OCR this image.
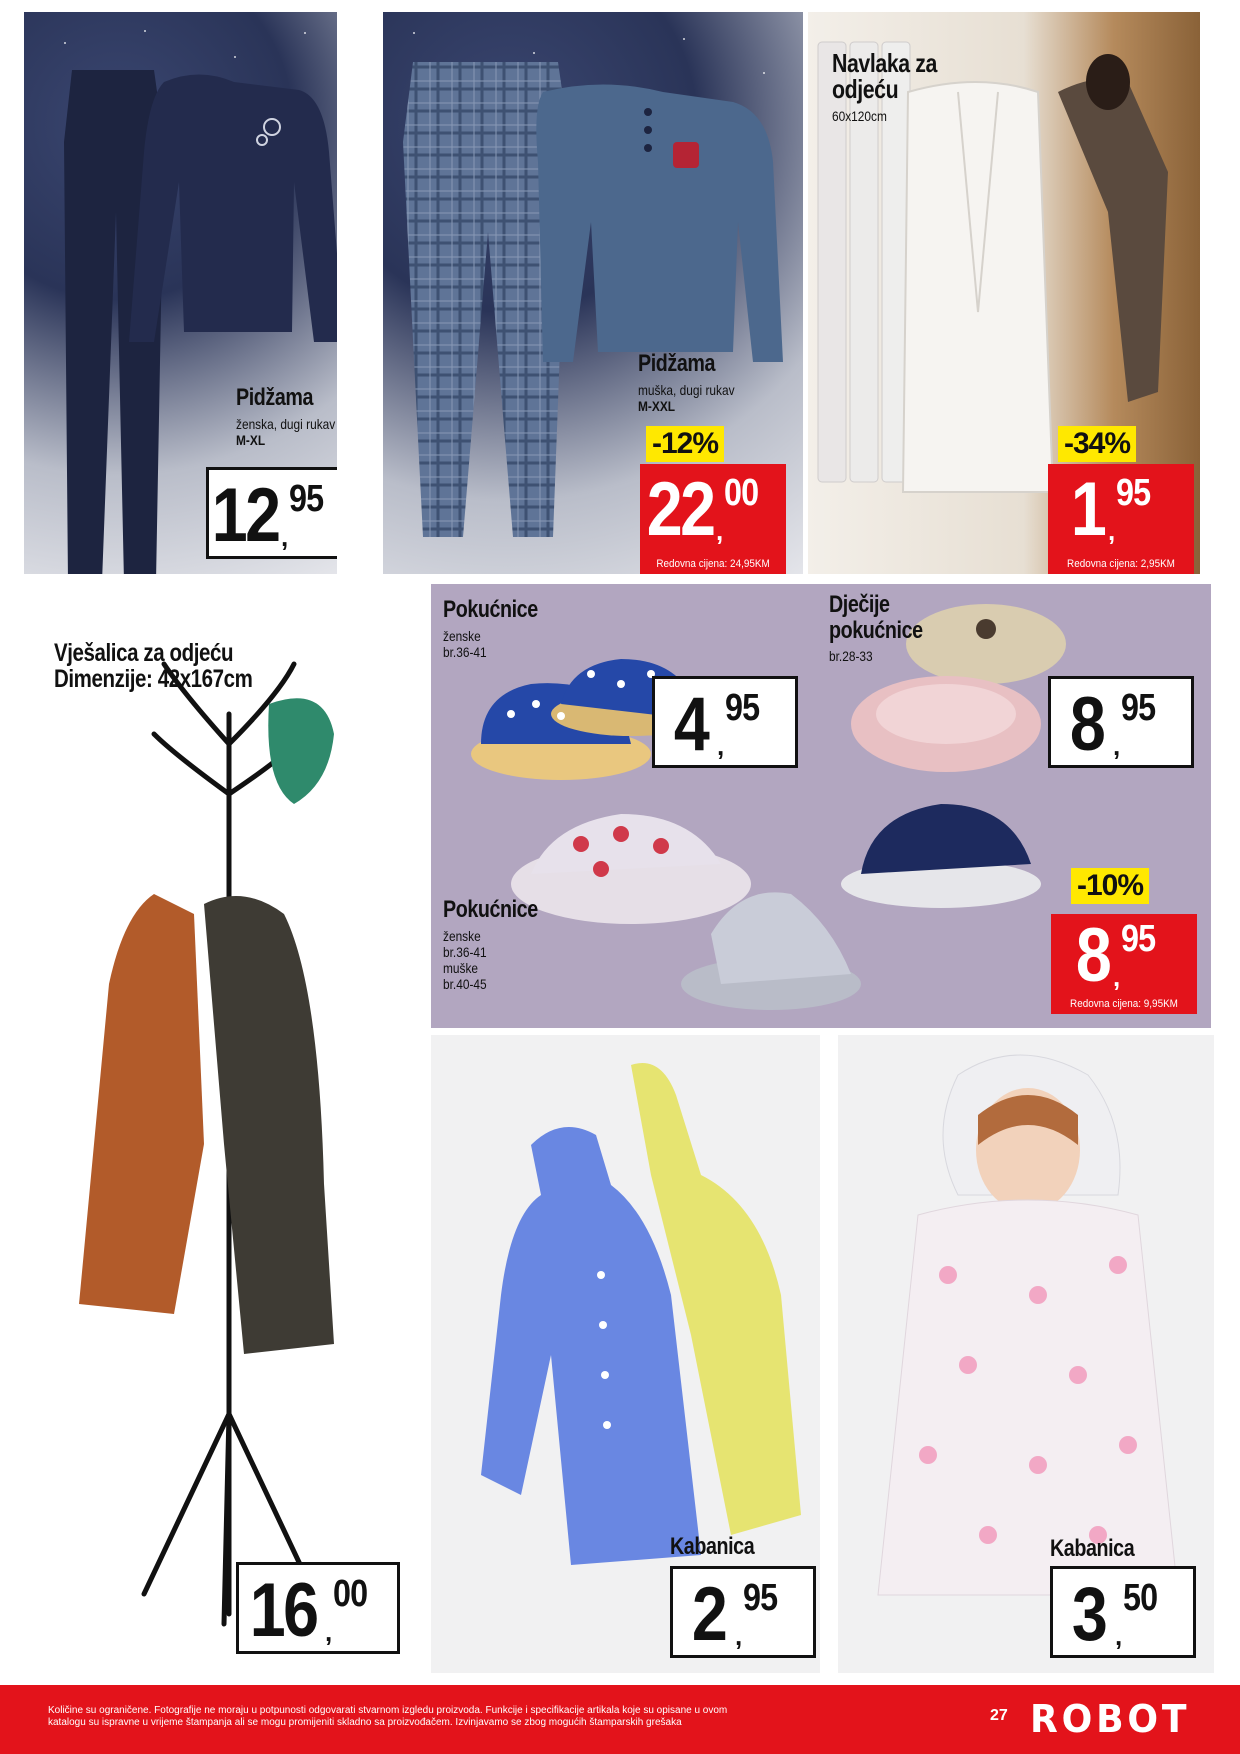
Pidžama
ženska, dugi rukav
M-XL
12 ,
95
Pidžama
muška, dugi rukav
M-XXL
-12%
22 ,
00
Redovna cijena: 24,95KM
Navlaka za
odjeću
60x120cm
-34%
1 ,
95
Redovna cijena: 2,95KM
Vješalica za odjeću
Dimenzije: 42x167cm
16 ,
00
Pokućnice
ženske
br.36-41
4 ,
95
Dječije
pokućnice
br.28-33
8 ,
95
Pokućnice
ženske
br.36-41
muške
br.40-45
-10%
8 ,
95
Redovna cijena: 9,95KM
Kabanica
2 ,
95
Kabanica
3 ,
50
Količine su ograničene. Fotografije ne moraju u potpunosti odgovarati stvarnom izgledu proizvoda. Funkcije i specifikacije artikala koje su opisane u ovom katalogu su ispravne u vrijeme štampanja ali se mogu promijeniti skladno sa proizvođačem. Izvinjavamo se zbog mogućih štamparskih grešaka	27 ROBOT
